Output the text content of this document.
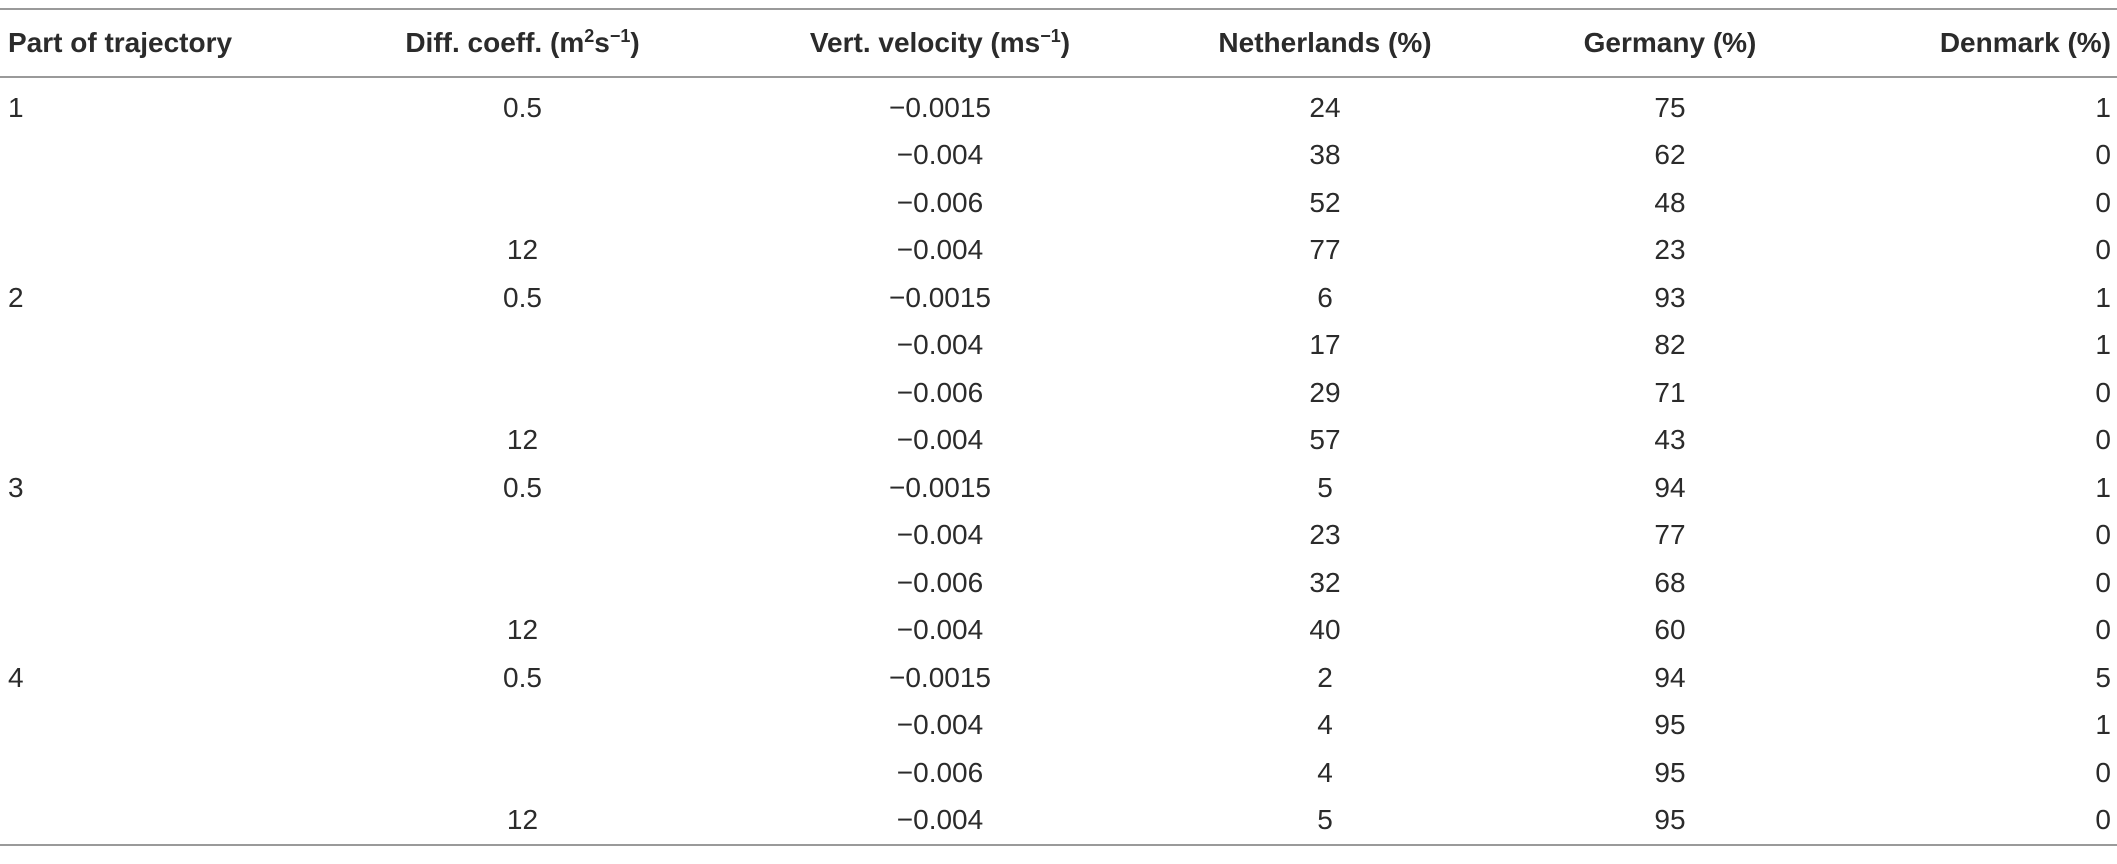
Part of trajectory	Diff. coeff. $(m^2s^{-1})$	Vert. velocity $(ms^{-1})$	Netherlands (%)	Germany (%)	Denmark (%)
1	0.5	−0.0015	24	75	1
		−0.004	38	62	0
		−0.006	52	48	0
	12	−0.004	77	23	0
2	0.5	−0.0015	6	93	1
		−0.004	17	82	1
		−0.006	29	71	0
	12	−0.004	57	43	0
3	0.5	−0.0015	5	94	1
		−0.004	23	77	0
		−0.006	32	68	0
	12	−0.004	40	60	0
4	0.5	−0.0015	2	94	5
		−0.004	4	95	1
		−0.006	4	95	0
	12	−0.004	5	95	0
